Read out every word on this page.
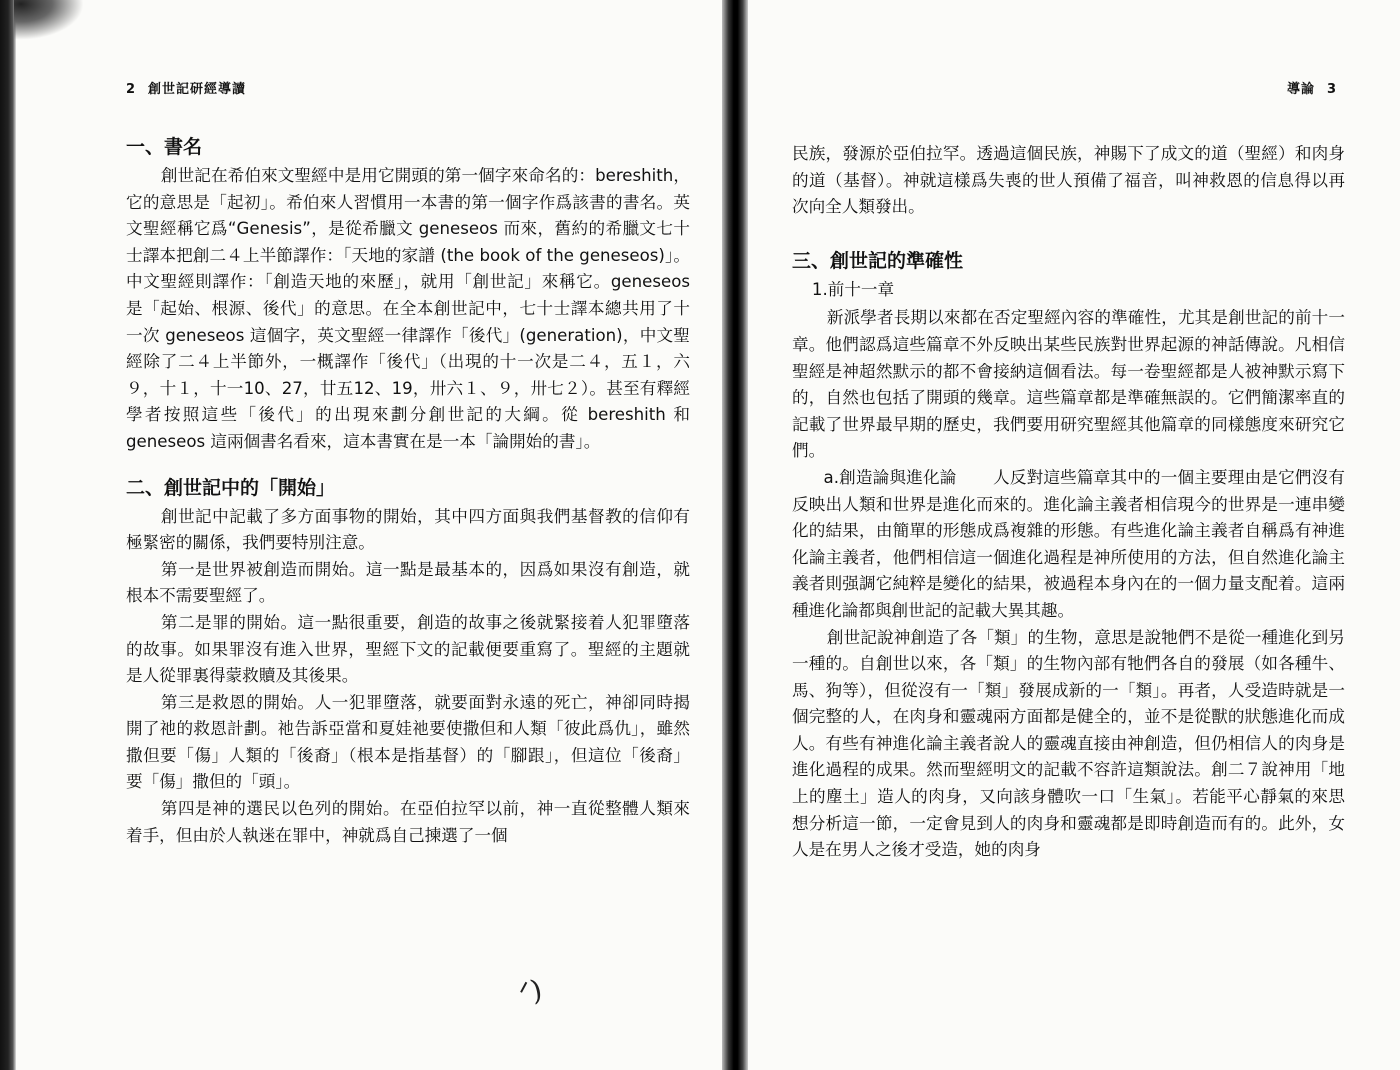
2 創世記研經導讀
一、書名

創世記在希伯來文聖經中是用它開頭的第一個字來命名的：bereshith，它的意思是「起初」。希伯來人習慣用一本書的第一個字作爲該書的書名。英文聖經稱它爲“Genesis”，是從希臘文 geneseos 而來，舊約的希臘文七十士譯本把創二４上半節譯作：「天地的家譜 (the book of the geneseos)」。中文聖經則譯作：「創造天地的來歷」，就用「創世記」來稱它。geneseos 是「起始、根源、後代」的意思。在全本創世記中，七十士譯本總共用了十一次 geneseos 這個字，英文聖經一律譯作「後代」(generation)，中文聖經除了二４上半節外，一概譯作「後代」（出現的十一次是二４，五１，六９，十１，十一10、27，廿五12、19，卅六１、９，卅七２）。甚至有釋經學者按照這些「後代」的出現來劃分創世記的大綱。從 bereshith 和 geneseos 這兩個書名看來，這本書實在是一本「論開始的書」。

二、創世記中的「開始」

創世記中記載了多方面事物的開始，其中四方面與我們基督教的信仰有極緊密的關係，我們要特別注意。

第一是世界被創造而開始。這一點是最基本的，因爲如果沒有創造，就根本不需要聖經了。

第二是罪的開始。這一點很重要，創造的故事之後就緊接着人犯罪墮落的故事。如果罪沒有進入世界，聖經下文的記載便要重寫了。聖經的主題就是人從罪裏得蒙救贖及其後果。

第三是救恩的開始。人一犯罪墮落，就要面對永遠的死亡，神卻同時揭開了祂的救恩計劃。祂告訴亞當和夏娃祂要使撒但和人類「彼此爲仇」，雖然撒但要「傷」人類的「後裔」（根本是指基督）的「腳跟」，但這位「後裔」要「傷」撒但的「頭」。

第四是神的選民以色列的開始。在亞伯拉罕以前，神一直從整體人類來着手，但由於人執迷在罪中，神就爲自己揀選了一個

ᐟ)
導論 3

民族，發源於亞伯拉罕。透過這個民族，神賜下了成文的道（聖經）和肉身的道（基督）。神就這樣爲失喪的世人預備了福音，叫神救恩的信息得以再次向全人類發出。

三、創世記的準確性
1.前十一章

新派學者長期以來都在否定聖經內容的準確性，尤其是創世記的前十一章。他們認爲這些篇章不外反映出某些民族對世界起源的神話傳說。凡相信聖經是神超然默示的都不會接納這個看法。每一卷聖經都是人被神默示寫下的，自然也包括了開頭的幾章。這些篇章都是準確無誤的。它們簡潔率直的記載了世界最早期的歷史，我們要用研究聖經其他篇章的同樣態度來研究它們。

a.創造論與進化論 人反對這些篇章其中的一個主要理由是它們沒有反映出人類和世界是進化而來的。進化論主義者相信現今的世界是一連串變化的結果，由簡單的形態成爲複雜的形態。有些進化論主義者自稱爲有神進化論主義者，他們相信這一個進化過程是神所使用的方法，但自然進化論主義者則强調它純粹是變化的結果，被過程本身內在的一個力量支配着。這兩種進化論都與創世記的記載大異其趣。

創世記說神創造了各「類」的生物，意思是說牠們不是從一種進化到另一種的。自創世以來，各「類」的生物內部有牠們各自的發展（如各種牛、馬、狗等），但從沒有一「類」發展成新的一「類」。再者，人受造時就是一個完整的人，在肉身和靈魂兩方面都是健全的，並不是從獸的狀態進化而成人。有些有神進化論主義者說人的靈魂直接由神創造，但仍相信人的肉身是進化過程的成果。然而聖經明文的記載不容許這類說法。創二７說神用「地上的塵土」造人的肉身，又向該身體吹一口「生氣」。若能平心靜氣的來思想分析這一節，一定會見到人的肉身和靈魂都是即時創造而有的。此外，女人是在男人之後才受造，她的肉身
